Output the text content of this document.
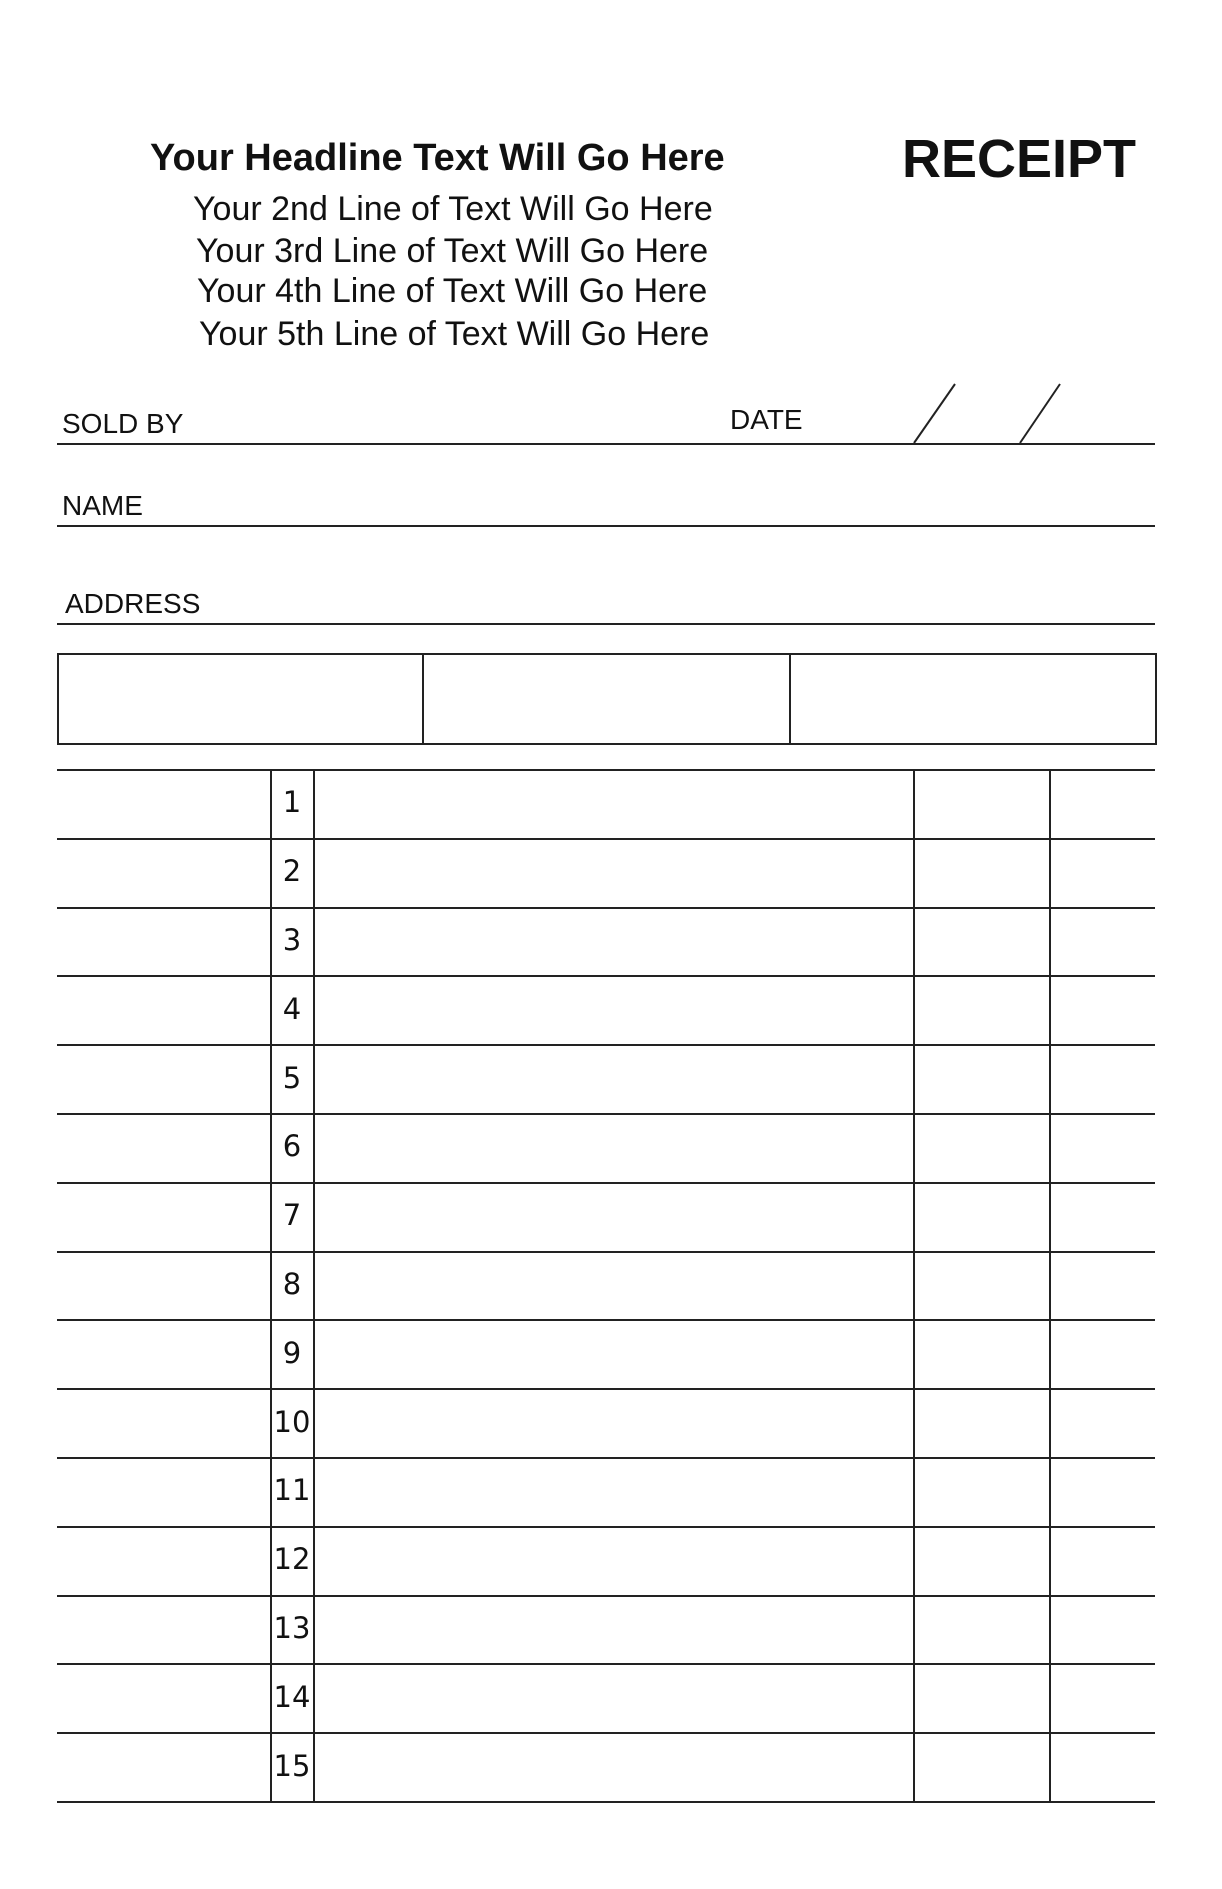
Your Headline Text Will Go Here
Your 2nd Line of Text Will Go Here
Your 3rd Line of Text Will Go Here
Your 4th Line of Text Will Go Here
Your 5th Line of Text Will Go Here
RECEIPT
SOLD BY	DATE
NAME
ADDRESS
1
2
3
4
5
6
7
8
9
10
11
12
13
14
15
